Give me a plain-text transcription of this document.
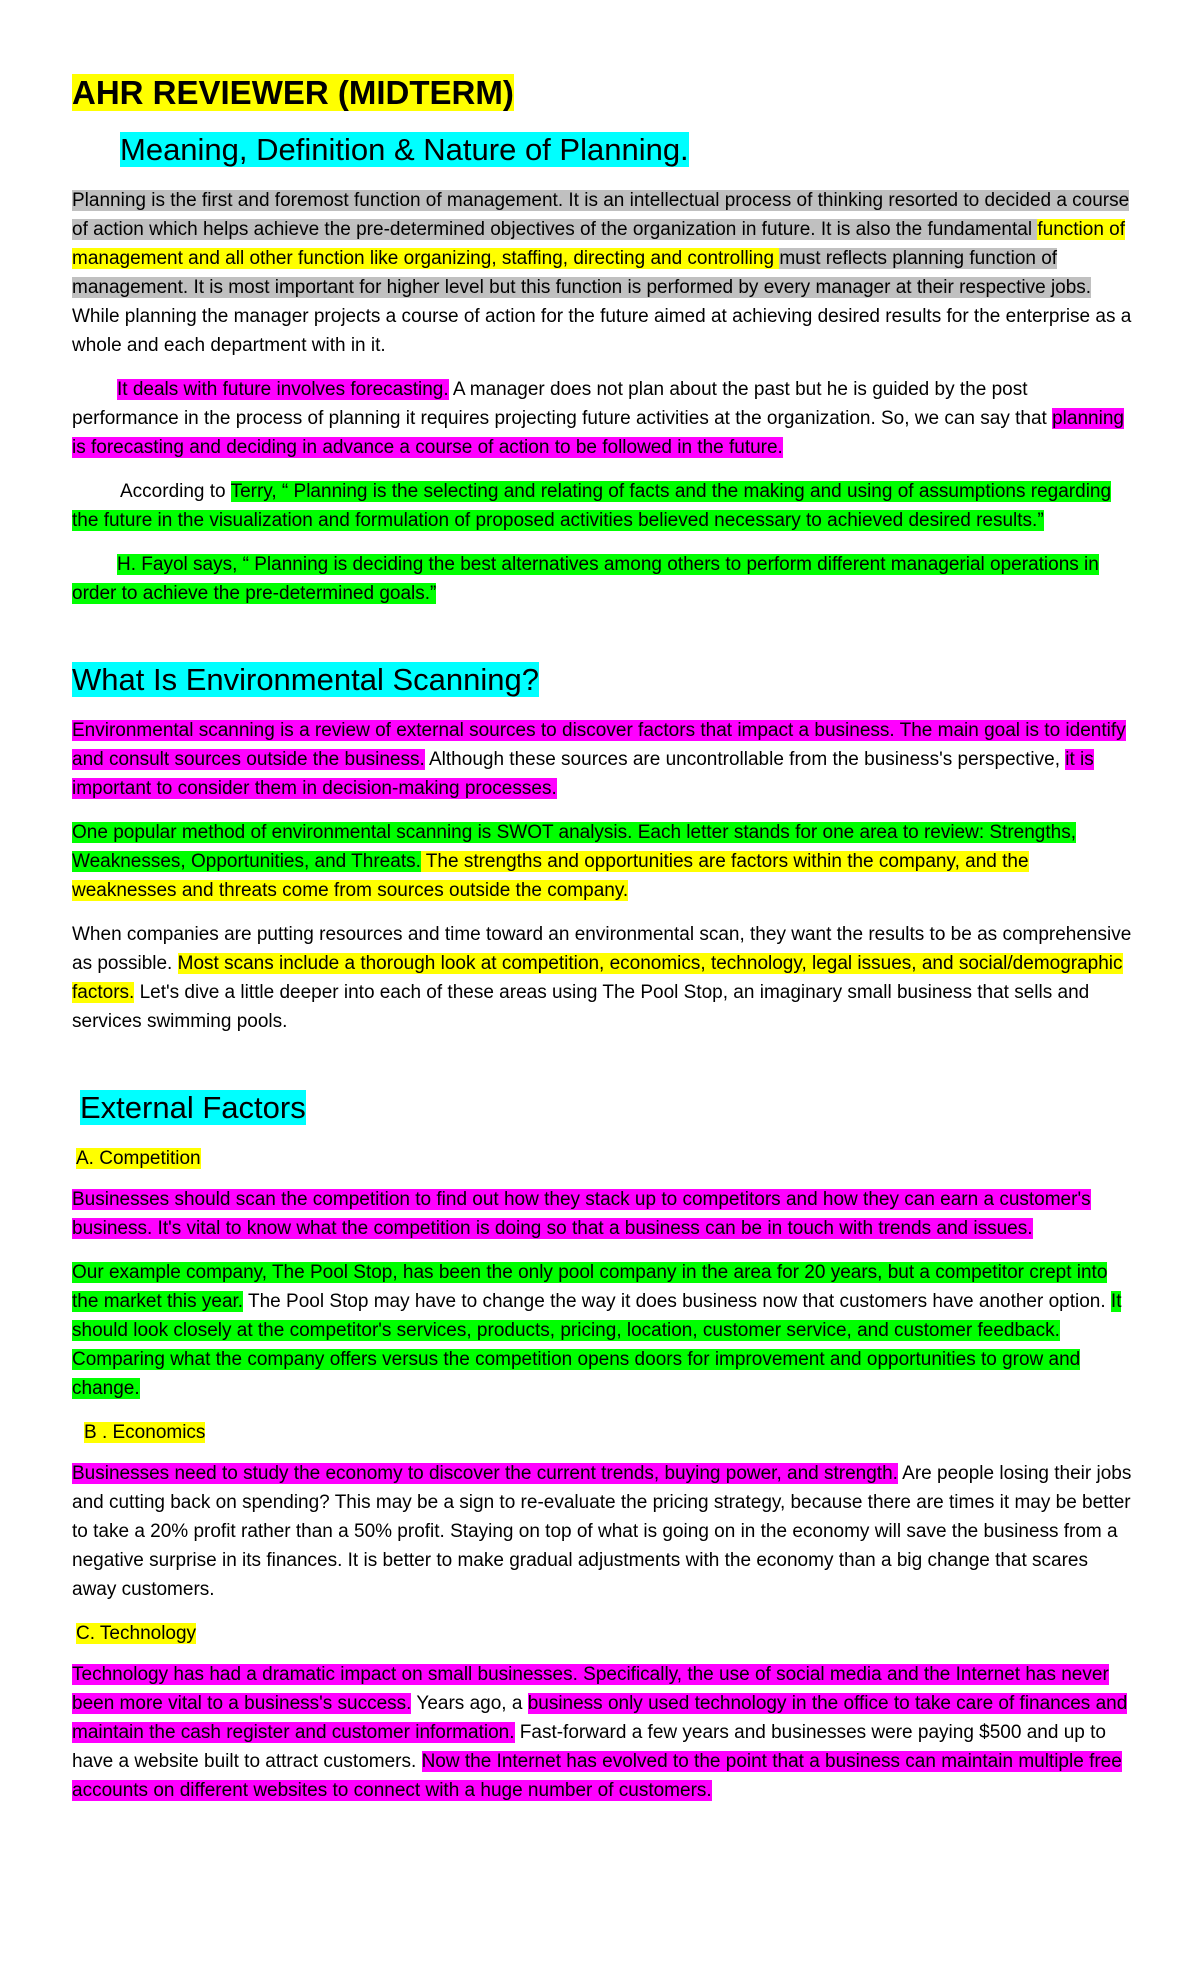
AHR REVIEWER (MIDTERM)
Meaning, Definition & Nature of Planning.

Planning is the first and foremost function of management. It is an intellectual process of thinking resorted to decided a course of action which helps achieve the pre-determined objectives of the organization in future. It is also the fundamental function of management and all other function like organizing, staffing, directing and controlling must reflects planning function of management. It is most important for higher level but this function is performed by every manager at their respective jobs. While planning the manager projects a course of action for the future aimed at achieving desired results for the enterprise as a whole and each department with in it.

It deals with future involves forecasting. A manager does not plan about the past but he is guided by the post performance in the process of planning it requires projecting future activities at the organization. So, we can say that planning is forecasting and deciding in advance a course of action to be followed in the future.

According to Terry, “ Planning is the selecting and relating of facts and the making and using of assumptions regarding the future in the visualization and formulation of proposed activities believed necessary to achieved desired results.”

H. Fayol says, “ Planning is deciding the best alternatives among others to perform different managerial operations in order to achieve the pre-determined goals.”

What Is Environmental Scanning?

Environmental scanning is a review of external sources to discover factors that impact a business. The main goal is to identify and consult sources outside the business. Although these sources are uncontrollable from the business's perspective, it is important to consider them in decision-making processes.

One popular method of environmental scanning is SWOT analysis. Each letter stands for one area to review: Strengths, Weaknesses, Opportunities, and Threats. The strengths and opportunities are factors within the company, and the weaknesses and threats come from sources outside the company.

When companies are putting resources and time toward an environmental scan, they want the results to be as comprehensive as possible. Most scans include a thorough look at competition, economics, technology, legal issues, and social/demographic factors. Let's dive a little deeper into each of these areas using The Pool Stop, an imaginary small business that sells and services swimming pools.

External Factors
A. Competition

Businesses should scan the competition to find out how they stack up to competitors and how they can earn a customer's business. It's vital to know what the competition is doing so that a business can be in touch with trends and issues.

Our example company, The Pool Stop, has been the only pool company in the area for 20 years, but a competitor crept into the market this year. The Pool Stop may have to change the way it does business now that customers have another option. It should look closely at the competitor's services, products, pricing, location, customer service, and customer feedback. Comparing what the company offers versus the competition opens doors for improvement and opportunities to grow and change.

B . Economics

Businesses need to study the economy to discover the current trends, buying power, and strength. Are people losing their jobs and cutting back on spending? This may be a sign to re-evaluate the pricing strategy, because there are times it may be better to take a 20% profit rather than a 50% profit. Staying on top of what is going on in the economy will save the business from a negative surprise in its finances. It is better to make gradual adjustments with the economy than a big change that scares away customers.

C. Technology

Technology has had a dramatic impact on small businesses. Specifically, the use of social media and the Internet has never been more vital to a business's success. Years ago, a business only used technology in the office to take care of finances and maintain the cash register and customer information. Fast-forward a few years and businesses were paying $500 and up to have a website built to attract customers. Now the Internet has evolved to the point that a business can maintain multiple free accounts on different websites to connect with a huge number of customers.
